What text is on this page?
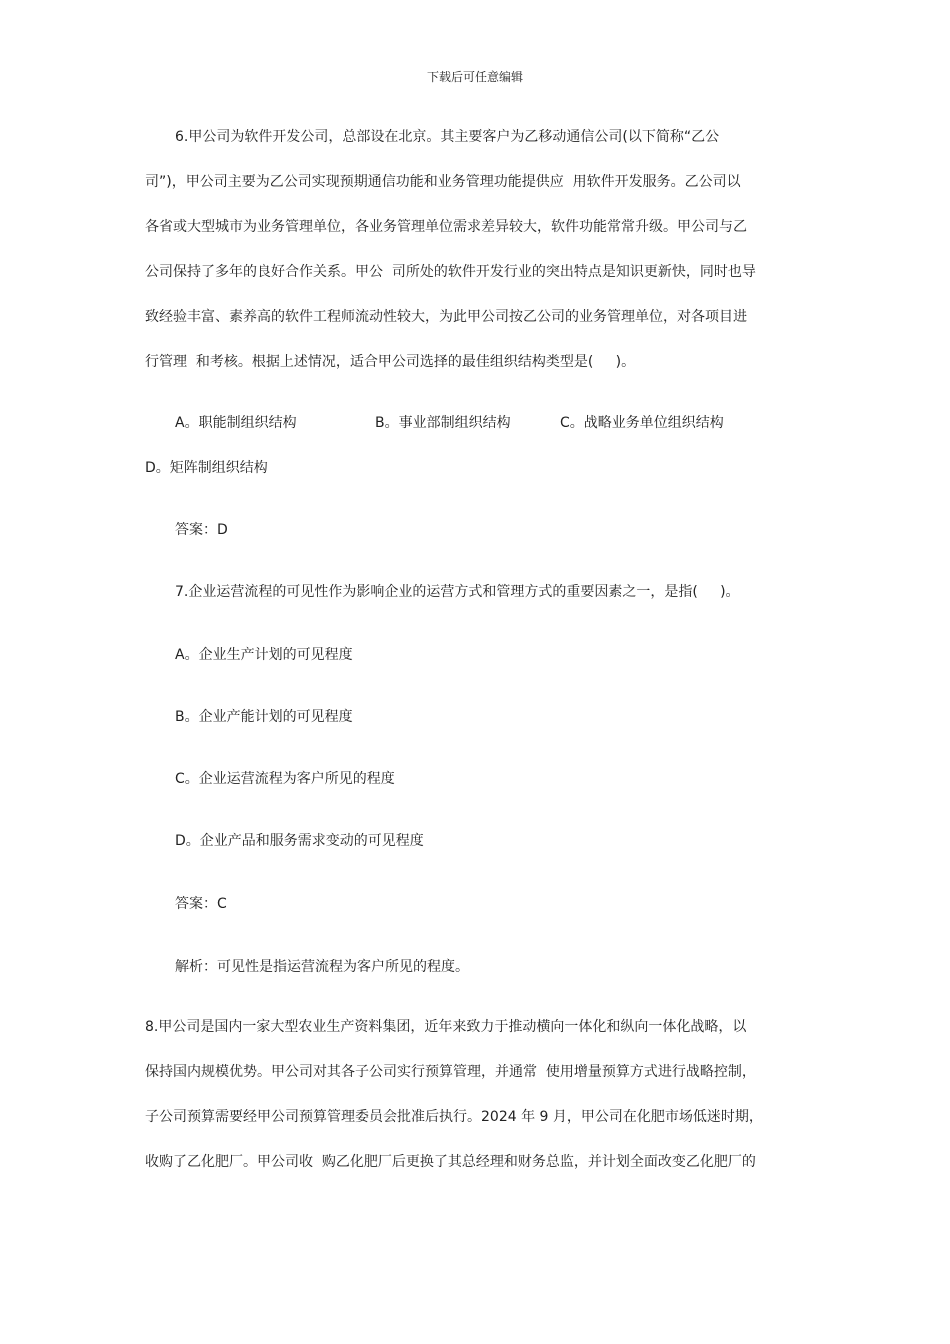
下载后可任意编辑
6.甲公司为软件开发公司，总部设在北京。其主要客户为乙移动通信公司(以下简称“乙公
司”)，甲公司主要为乙公司实现预期通信功能和业务管理功能提供应  用软件开发服务。乙公司以
各省或大型城市为业务管理单位，各业务管理单位需求差异较大，软件功能常常升级。甲公司与乙
公司保持了多年的良好合作关系。甲公  司所处的软件开发行业的突出特点是知识更新快，同时也导
致经验丰富、素养高的软件工程师流动性较大，为此甲公司按乙公司的业务管理单位，对各项目进
行管理  和考核。根据上述情况，适合甲公司选择的最佳组织结构类型是(     )。
A。职能制组织结构	B。事业部制组织结构	C。战略业务单位组织结构
D。矩阵制组织结构
答案：D
7.企业运营流程的可见性作为影响企业的运营方式和管理方式的重要因素之一，是指(     )。
A。企业生产计划的可见程度
B。企业产能计划的可见程度
C。企业运营流程为客户所见的程度
D。企业产品和服务需求变动的可见程度
答案：C
解析：可见性是指运营流程为客户所见的程度。
8.甲公司是国内一家大型农业生产资料集团，近年来致力于推动横向一体化和纵向一体化战略，以
保持国内规模优势。甲公司对其各子公司实行预算管理，并通常  使用增量预算方式进行战略控制，
子公司预算需要经甲公司预算管理委员会批准后执行。2024 年 9 月，甲公司在化肥市场低迷时期，
收购了乙化肥厂。甲公司收  购乙化肥厂后更换了其总经理和财务总监，并计划全面改变乙化肥厂的
